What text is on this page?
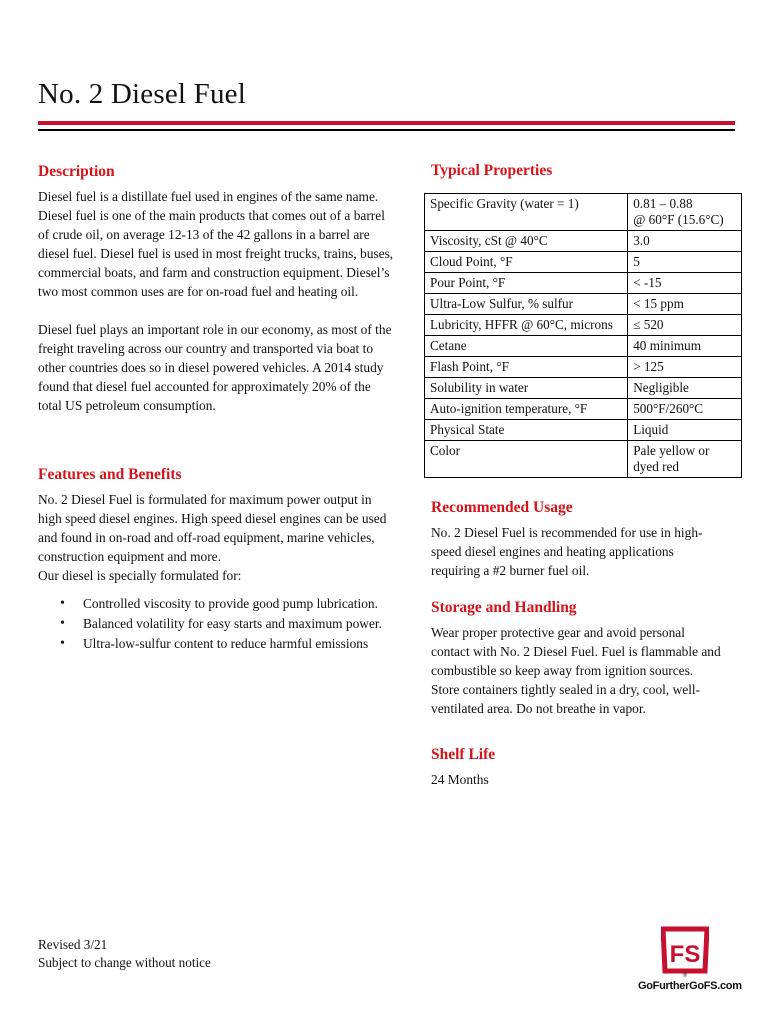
No. 2 Diesel Fuel
Description

Diesel fuel is a distillate fuel used in engines of the same name. Diesel fuel is one of the main products that comes out of a barrel of crude oil, on average 12-13 of the 42 gallons in a barrel are diesel fuel. Diesel fuel is used in most freight trucks, trains, buses, commercial boats, and farm and construction equipment. Diesel’s two most common uses are for on-road fuel and heating oil.

Diesel fuel plays an important role in our economy, as most of the freight traveling across our country and transported via boat to other countries does so in diesel powered vehicles. A 2014 study found that diesel fuel accounted for approximately 20% of the total US petroleum consumption.

Features and Benefits

No. 2 Diesel Fuel is formulated for maximum power output in high speed diesel engines. High speed diesel engines can be used and found in on-road and off-road equipment, marine vehicles, construction equipment and more.

Our diesel is specially formulated for:

• Controlled viscosity to provide good pump lubrication.
• Balanced volatility for easy starts and maximum power.
• Ultra-low-sulfur content to reduce harmful emissions
Typical Properties
Specific Gravity (water = 1)	0.81 – 0.88
@ 60°F (15.6°C)
Viscosity, cSt @ 40°C	3.0
Cloud Point, °F	5
Pour Point, °F	< -15
Ultra-Low Sulfur, % sulfur	< 15 ppm
Lubricity, HFFR @ 60°C, microns	≤ 520
Cetane	40 minimum
Flash Point, °F	> 125
Solubility in water	Negligible
Auto-ignition temperature, °F	500°F/260°C
Physical State	Liquid
Color	Pale yellow or dyed red
Recommended Usage

No. 2 Diesel Fuel is recommended for use in high-speed diesel engines and heating applications requiring a #2 burner fuel oil.

Storage and Handling

Wear proper protective gear and avoid personal contact with No. 2 Diesel Fuel. Fuel is flammable and combustible so keep away from ignition sources. Store containers tightly sealed in a dry, cool, well-ventilated area. Do not breathe in vapor.

Shelf Life

24 Months

Revised 3/21
Subject to change without notice	FS
®
GoFurtherGoFS.com
